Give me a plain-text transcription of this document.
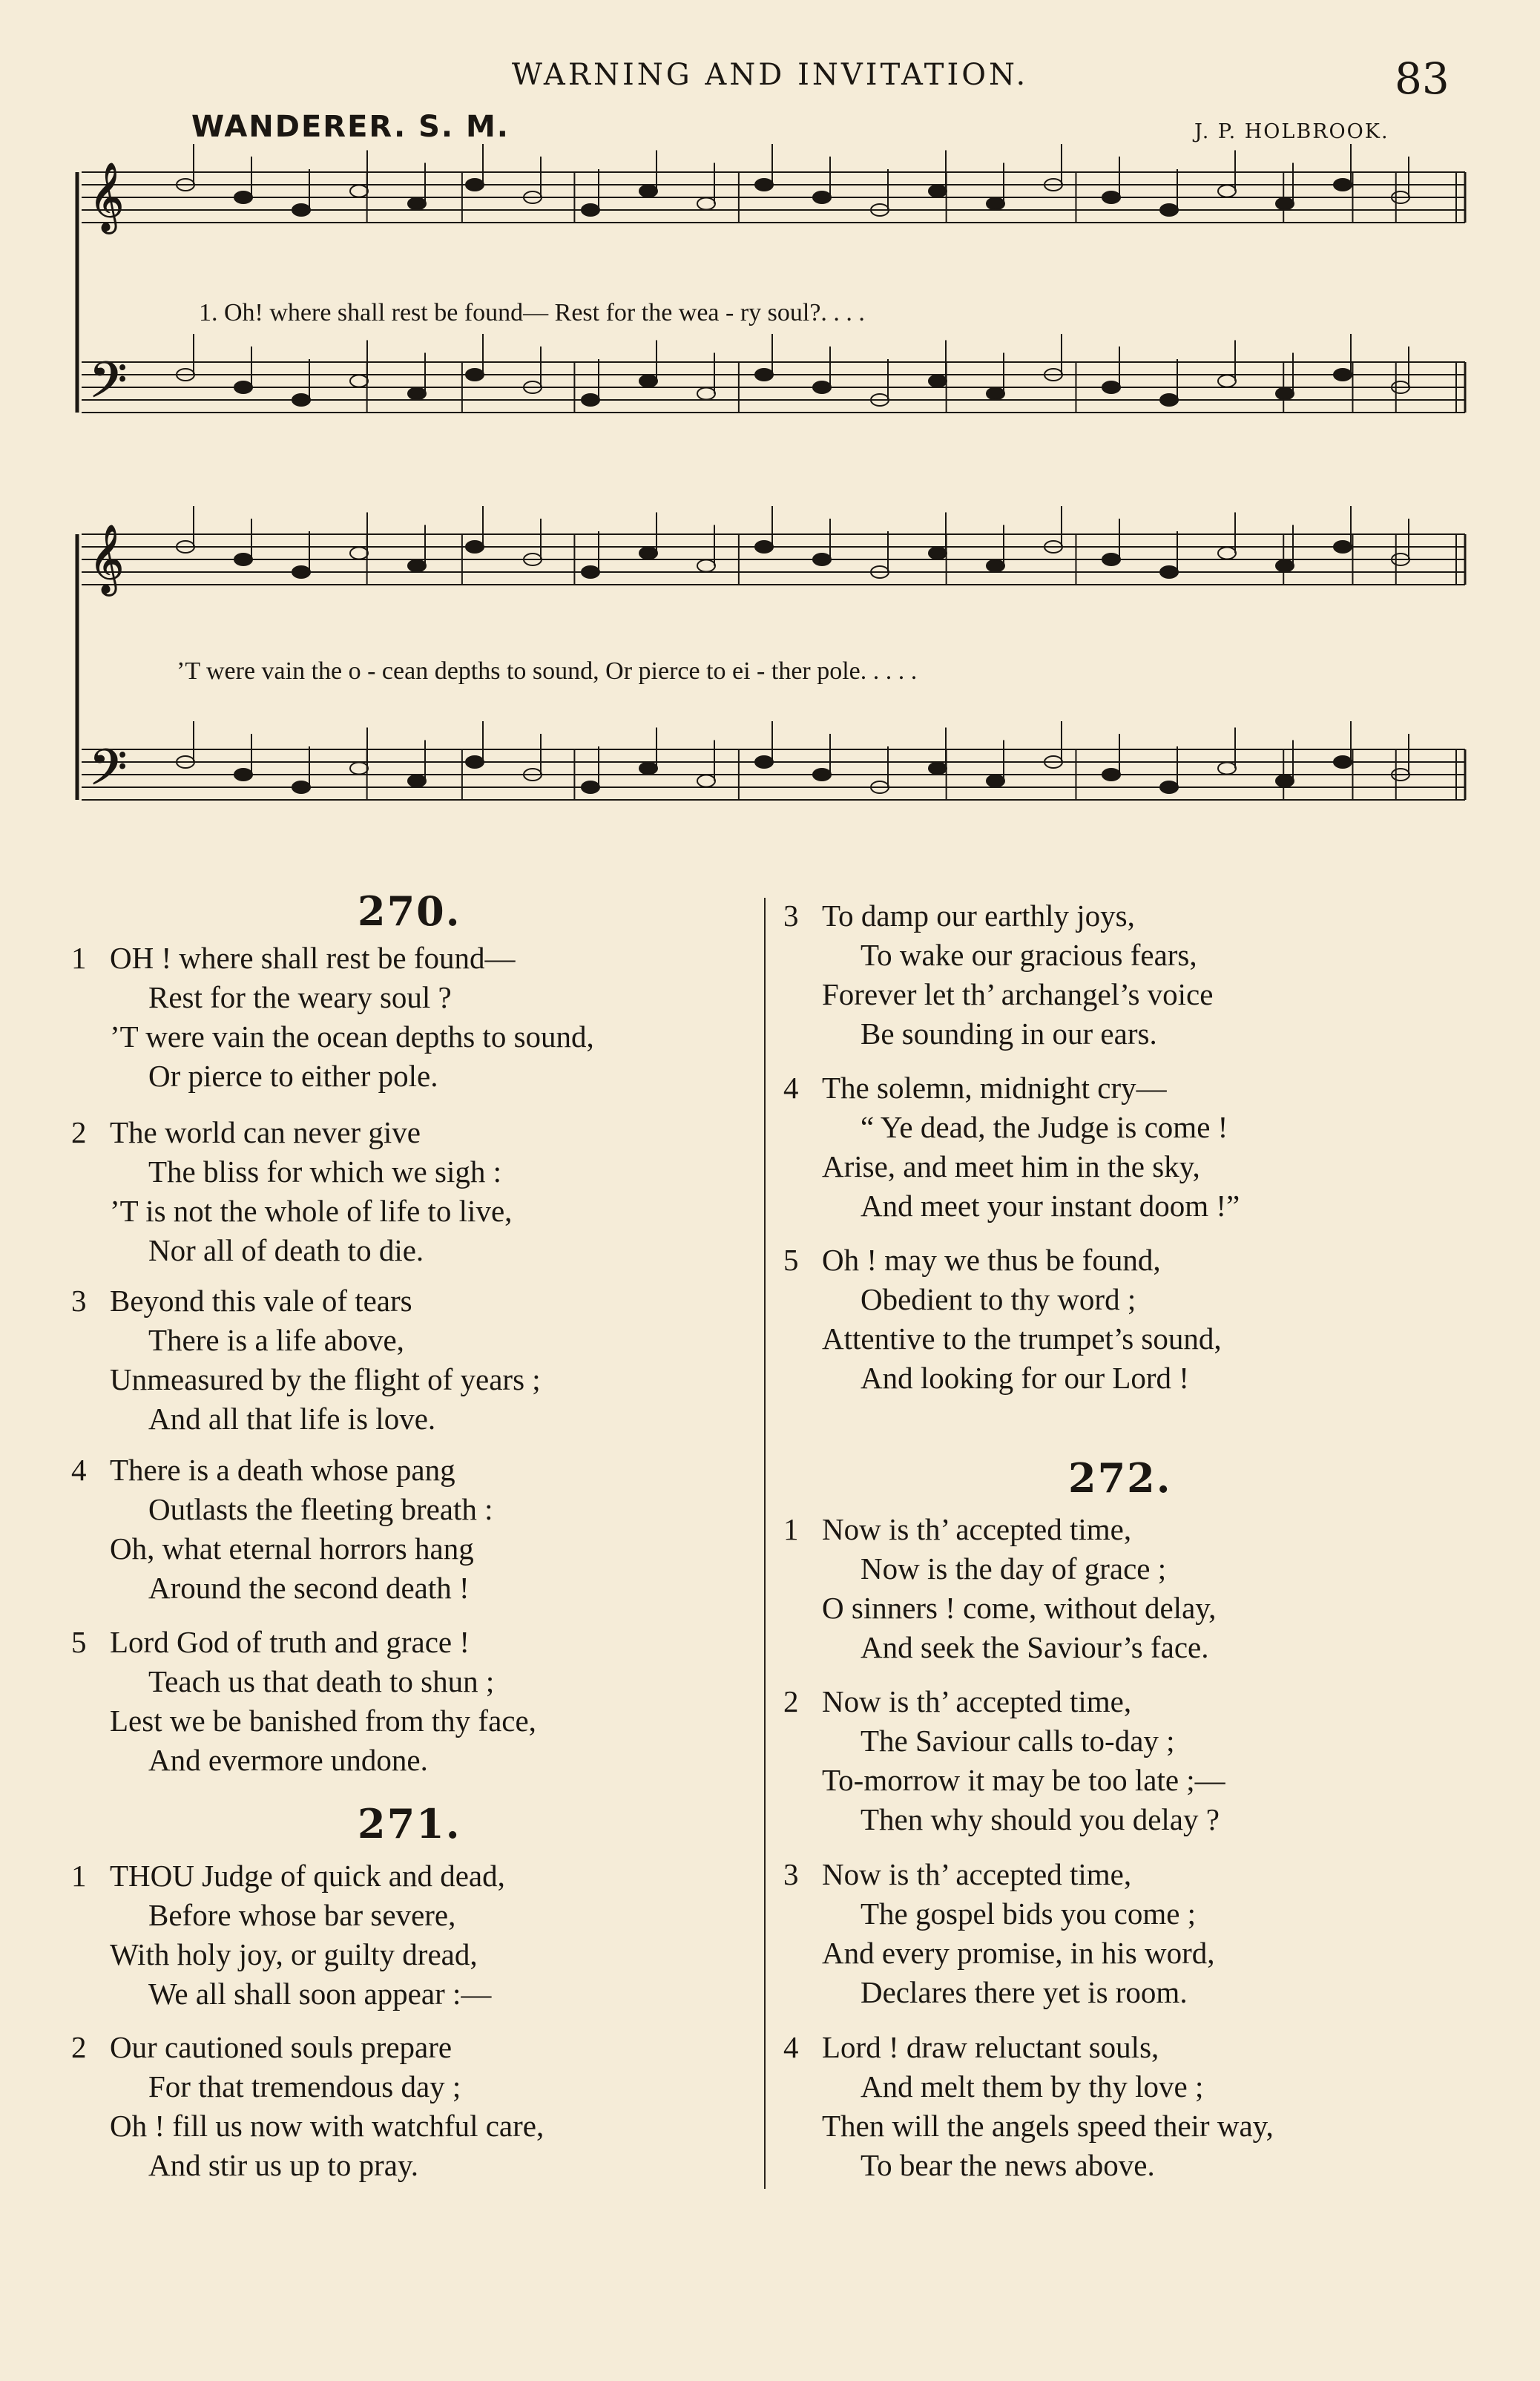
WARNING AND INVITATION.	83
WANDERER. S. M.	J. P. HOLBROOK.
𝄞
𝄢
𝄞
𝄢
1. Oh! where shall rest be found— Rest for the wea - ry soul?. . . .
’T were vain the o - cean depths to sound, Or pierce to ei - ther pole. . . . .
270.
1 OH ! where shall rest be found—
Rest for the weary soul ?
’T were vain the ocean depths to sound,
Or pierce to either pole.
2 The world can never give
The bliss for which we sigh :
’T is not the whole of life to live,
Nor all of death to die.
3 Beyond this vale of tears
There is a life above,
Unmeasured by the flight of years ;
And all that life is love.
4 There is a death whose pang
Outlasts the fleeting breath :
Oh, what eternal horrors hang
Around the second death !
5 Lord God of truth and grace !
Teach us that death to shun ;
Lest we be banished from thy face,
And evermore undone.
271.
1 THOU Judge of quick and dead,
Before whose bar severe,
With holy joy, or guilty dread,
We all shall soon appear :—
2 Our cautioned souls prepare
For that tremendous day ;
Oh ! fill us now with watchful care,
And stir us up to pray.
3 To damp our earthly joys,
To wake our gracious fears,
Forever let th’ archangel’s voice
Be sounding in our ears.
4 The solemn, midnight cry—
“ Ye dead, the Judge is come !
Arise, and meet him in the sky,
And meet your instant doom !”
5 Oh ! may we thus be found,
Obedient to thy word ;
Attentive to the trumpet’s sound,
And looking for our Lord !
272.
1 Now is th’ accepted time,
Now is the day of grace ;
O sinners ! come, without delay,
And seek the Saviour’s face.
2 Now is th’ accepted time,
The Saviour calls to-day ;
To-morrow it may be too late ;—
Then why should you delay ?
3 Now is th’ accepted time,
The gospel bids you come ;
And every promise, in his word,
Declares there yet is room.
4 Lord ! draw reluctant souls,
And melt them by thy love ;
Then will the angels speed their way,
To bear the news above.
